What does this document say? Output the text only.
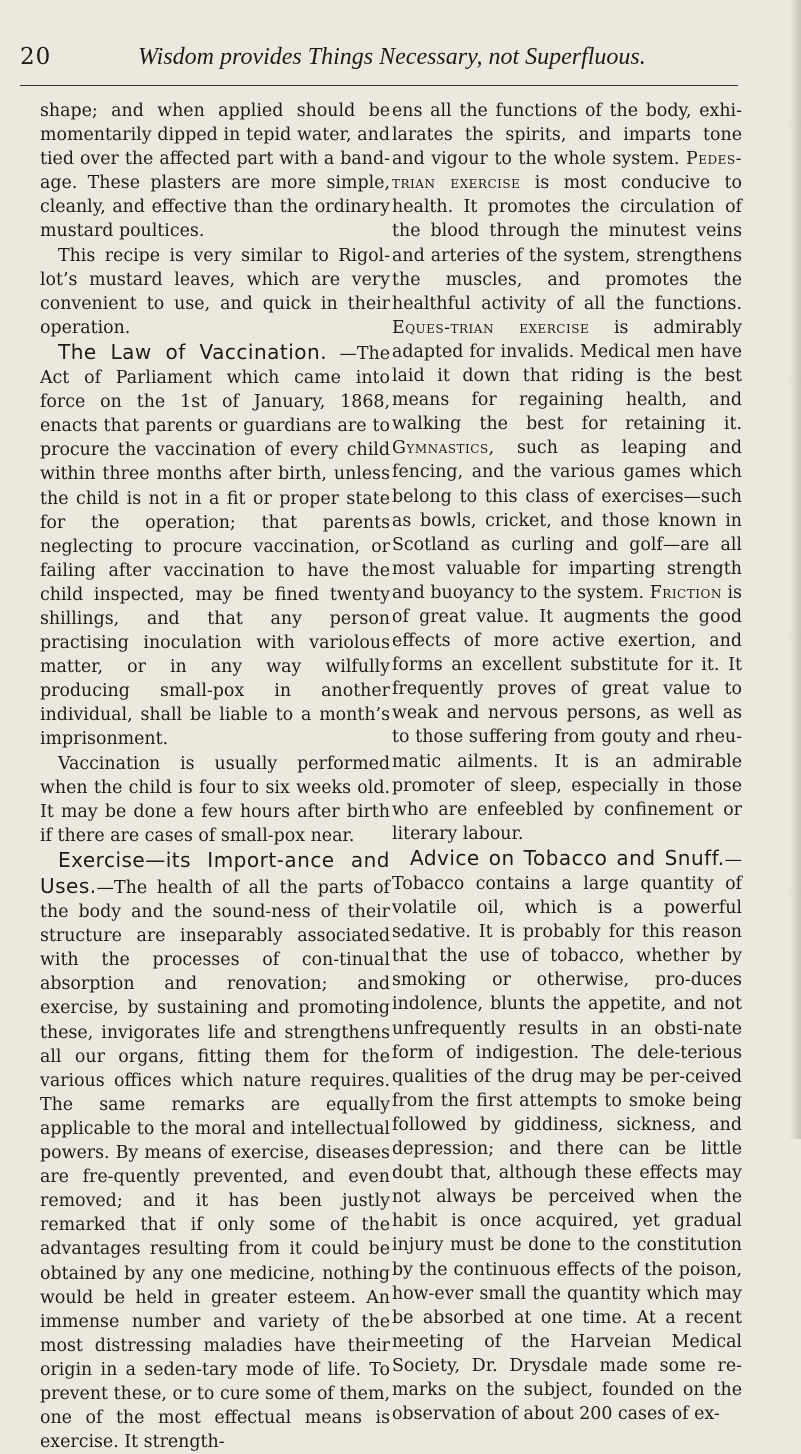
20	Wisdom provides Things Necessary, not Superfluous.

shape; and when applied should be momentarily dipped in tepid water, and tied over the affected part with a band-age. These plasters are more simple, cleanly, and effective than the ordinary mustard poultices.

This recipe is very similar to Rigol-lot’s mustard leaves, which are very convenient to use, and quick in their operation.

The Law of Vaccination. —The Act of Parliament which came into force on the 1st of January, 1868, enacts that parents or guardians are to procure the vaccination of every child within three months after birth, unless the child is not in a fit or proper state for the operation; that parents neglecting to procure vaccination, or failing after vaccination to have the child inspected, may be fined twenty shillings, and that any person practising inoculation with variolous matter, or in any way wilfully producing small-pox in another individual, shall be liable to a month’s imprisonment.

Vaccination is usually performed when the child is four to six weeks old. It may be done a few hours after birth if there are cases of small-pox near.

Exercise—its Import-ance and Uses.—The health of all the parts of the body and the sound-ness of their structure are inseparably associated with the processes of con-tinual absorption and renovation; and exercise, by sustaining and promoting these, invigorates life and strengthens all our organs, fitting them for the various offices which nature requires. The same remarks are equally applicable to the moral and intellectual powers. By means of exercise, diseases are fre-quently prevented, and even removed; and it has been justly remarked that if only some of the advantages resulting from it could be obtained by any one medicine, nothing would be held in greater esteem. An immense number and variety of the most distressing maladies have their origin in a seden-tary mode of life. To prevent these, or to cure some of them, one of the most effectual means is exercise. It strength-

ens all the functions of the body, exhi-larates the spirits, and imparts tone and vigour to the whole system. Pedes-trian exercise is most conducive to health. It promotes the circulation of the blood through the minutest veins and arteries of the system, strengthens the muscles, and promotes the healthful activity of all the functions. Eques-trian exercise is admirably adapted for invalids. Medical men have laid it down that riding is the best means for regaining health, and walking the best for retaining it. Gymnastics, such as leaping and fencing, and the various games which belong to this class of exercises—such as bowls, cricket, and those known in Scotland as curling and golf—are all most valuable for imparting strength and buoyancy to the system. Friction is of great value. It augments the good effects of more active exertion, and forms an excellent substitute for it. It frequently proves of great value to weak and nervous persons, as well as to those suffering from gouty and rheu-matic ailments. It is an admirable promoter of sleep, especially in those who are enfeebled by confinement or literary labour.

Advice on Tobacco and Snuff.— Tobacco contains a large quantity of volatile oil, which is a powerful sedative. It is probably for this reason that the use of tobacco, whether by smoking or otherwise, pro-duces indolence, blunts the appetite, and not unfrequently results in an obsti-nate form of indigestion. The dele-terious qualities of the drug may be per-ceived from the first attempts to smoke being followed by giddiness, sickness, and depression; and there can be little doubt that, although these effects may not always be perceived when the habit is once acquired, yet gradual injury must be done to the constitution by the continuous effects of the poison, how-ever small the quantity which may be absorbed at one time. At a recent meeting of the Harveian Medical Society, Dr. Drysdale made some re-marks on the subject, founded on the observation of about 200 cases of ex-
